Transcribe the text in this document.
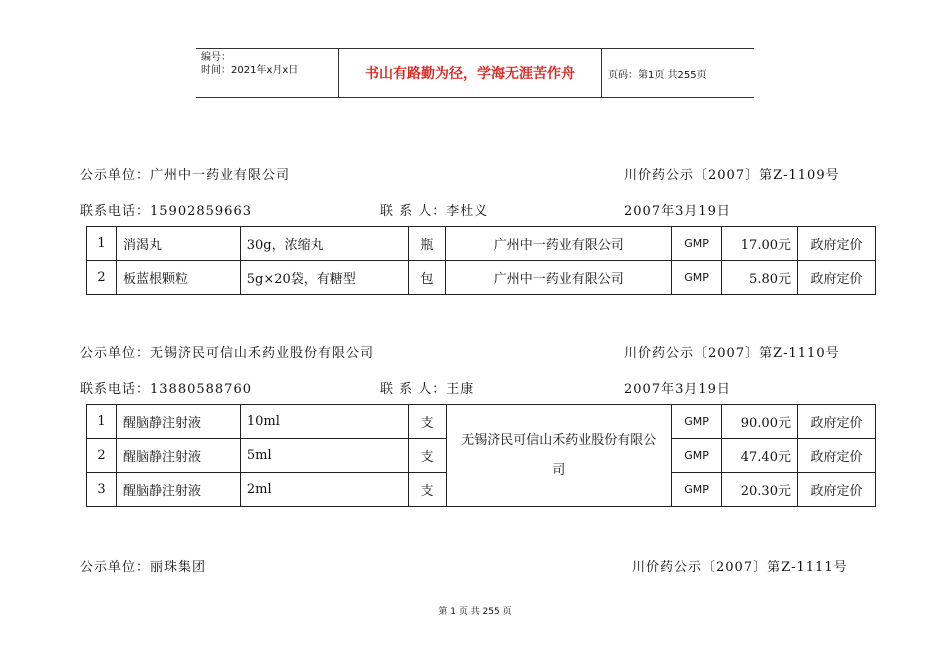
编号：
时间：2021年x月x日	书山有路勤为径，学海无涯苦作舟	页码：第1页 共255页
公示单位：广州中一药业有限公司	川价药公示〔2007〕第Z-1109号
联系电话：15902859663	联 系 人：李杜义	2007年3月19日
1	消渴丸	30g，浓缩丸	瓶	广州中一药业有限公司	GMP	17.00元	政府定价
2	板蓝根颗粒	5g×20袋，有糖型	包	广州中一药业有限公司	GMP	5.80元	政府定价
公示单位：无锡济民可信山禾药业股份有限公司	川价药公示〔2007〕第Z-1110号
联系电话：13880588760	联 系 人：王康	2007年3月19日
1	醒脑静注射液	10ml	支	无锡济民可信山禾药业股份有限公司	GMP	90.00元	政府定价
2	醒脑静注射液	5ml	支		GMP	47.40元	政府定价
3	醒脑静注射液	2ml	支		GMP	20.30元	政府定价
公示单位：丽珠集团	川价药公示〔2007〕第Z-1111号
第 1 页 共 255 页
